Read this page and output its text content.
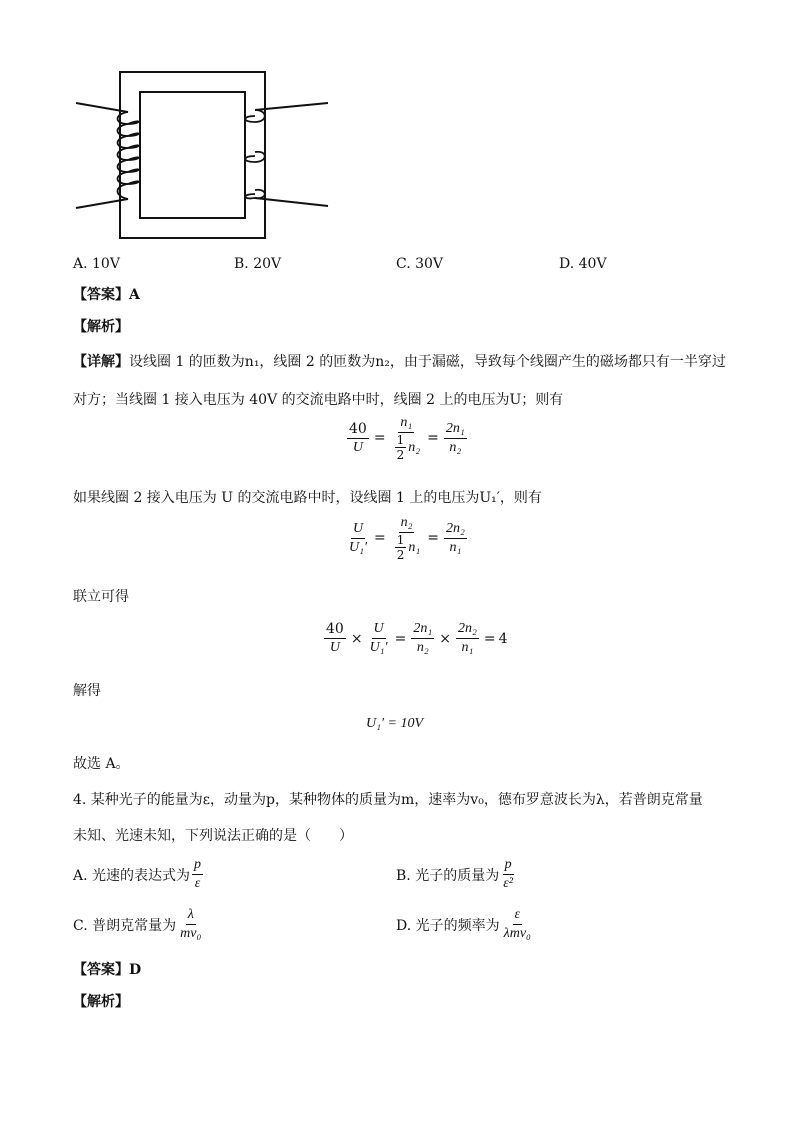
A. 10V	B. 20V	C. 30V	D. 40V
【答案】A
【解析】
【详解】设线圈 1 的匝数为n₁，线圈 2 的匝数为n₂，由于漏磁，导致每个线圈产生的磁场都只有一半穿过
对方；当线圈 1 接入电压为 40V 的交流电路中时，线圈 2 上的电压为U；则有
$\frac{40}{U} = \frac{\text{n₁}}{\frac{1}{2} n_2} = \frac{\text{2n₁}}{\text{n₂}}$
如果线圈 2 接入电压为 U 的交流电路中时，设线圈 1 上的电压为U₁′，则有
$\frac{U}{\text{U₁′}} = \frac{\text{n₂}}{\frac{1}{2} n_1} = \frac{\text{2n₂}}{\text{n₁}}$
联立可得
$\frac{40}{U} \times \frac{U}{\text{U₁′}} = \frac{\text{2n₁}}{\text{n₂}} \times \frac{\text{2n₂}}{\text{n₁}} = 4$
解得
U₁′ = 10V
故选 A。
4. 某种光子的能量为ε，动量为p，某种物体的质量为m，速率为v₀，德布罗意波长为λ，若普朗克常量
未知、光速未知，下列说法正确的是（　　）
A. 光速的表达式为 $\frac{p}{\varepsilon}$	B. 光子的质量为 $\frac{p}{\text{ε²}}$
C. 普朗克常量为 $\frac{\lambda}{\text{mv₀}}$	D. 光子的频率为 $\frac{\varepsilon}{\text{λmv₀}}$
【答案】D
【解析】
